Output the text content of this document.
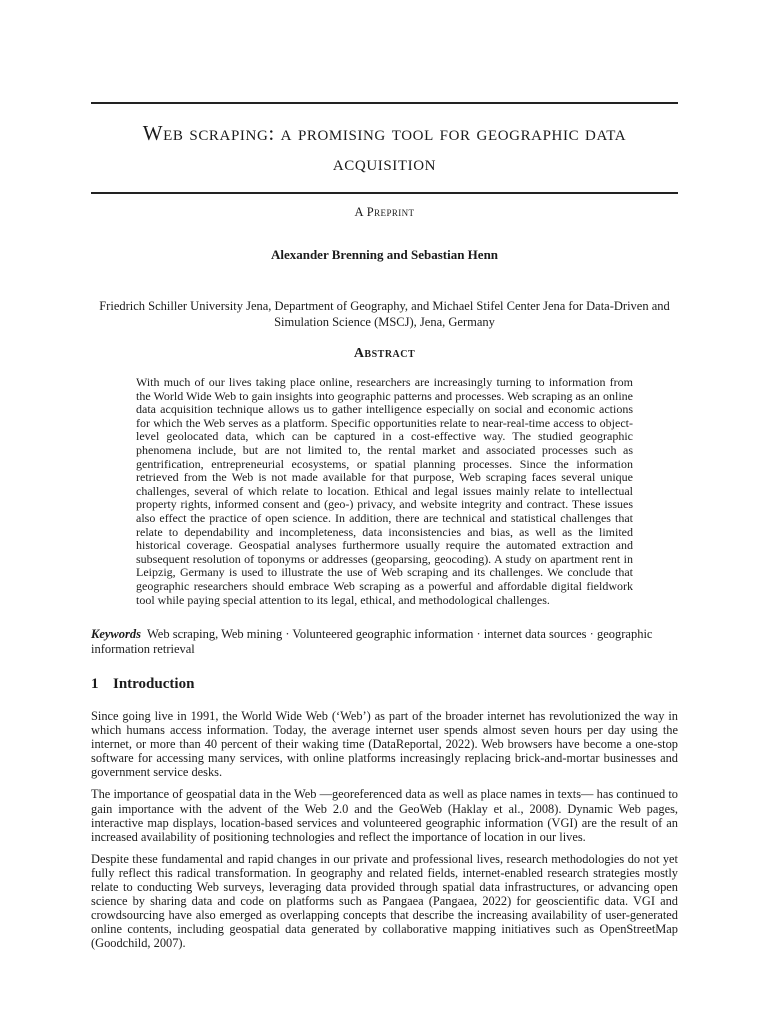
Web scraping: a promising tool for geographic data acquisition
A Preprint
Alexander Brenning and Sebastian Henn
Friedrich Schiller University Jena, Department of Geography, and Michael Stifel Center Jena for Data-Driven and Simulation Science (MSCJ), Jena, Germany
Abstract
With much of our lives taking place online, researchers are increasingly turning to information from the World Wide Web to gain insights into geographic patterns and processes. Web scraping as an online data acquisition technique allows us to gather intelligence especially on social and economic actions for which the Web serves as a platform. Specific opportunities relate to near-real-time access to object-level geolocated data, which can be captured in a cost-effective way. The studied geographic phenomena include, but are not limited to, the rental market and associated processes such as gentrification, entrepreneurial ecosystems, or spatial planning processes. Since the information retrieved from the Web is not made available for that purpose, Web scraping faces several unique challenges, several of which relate to location. Ethical and legal issues mainly relate to intellectual property rights, informed consent and (geo-) privacy, and website integrity and contract. These issues also effect the practice of open science. In addition, there are technical and statistical challenges that relate to dependability and incompleteness, data inconsistencies and bias, as well as the limited historical coverage. Geospatial analyses furthermore usually require the automated extraction and subsequent resolution of toponyms or addresses (geoparsing, geocoding). A study on apartment rent in Leipzig, Germany is used to illustrate the use of Web scraping and its challenges. We conclude that geographic researchers should embrace Web scraping as a powerful and affordable digital fieldwork tool while paying special attention to its legal, ethical, and methodological challenges.
Keywords Web scraping, Web mining · Volunteered geographic information · internet data sources · geographic information retrieval
1 Introduction

Since going live in 1991, the World Wide Web (‘Web’) as part of the broader internet has revolutionized the way in which humans access information. Today, the average internet user spends almost seven hours per day using the internet, or more than 40 percent of their waking time (DataReportal, 2022). Web browsers have become a one-stop software for accessing many services, with online platforms increasingly replacing brick-and-mortar businesses and government service desks.

The importance of geospatial data in the Web —georeferenced data as well as place names in texts— has continued to gain importance with the advent of the Web 2.0 and the GeoWeb (Haklay et al., 2008). Dynamic Web pages, interactive map displays, location-based services and volunteered geographic information (VGI) are the result of an increased availability of positioning technologies and reflect the importance of location in our lives.

Despite these fundamental and rapid changes in our private and professional lives, research methodologies do not yet fully reflect this radical transformation. In geography and related fields, internet-enabled research strategies mostly relate to conducting Web surveys, leveraging data provided through spatial data infrastructures, or advancing open science by sharing data and code on platforms such as Pangaea (Pangaea, 2022) for geoscientific data. VGI and crowdsourcing have also emerged as overlapping concepts that describe the increasing availability of user-generated online contents, including geospatial data generated by collaborative mapping initiatives such as OpenStreetMap (Goodchild, 2007).
